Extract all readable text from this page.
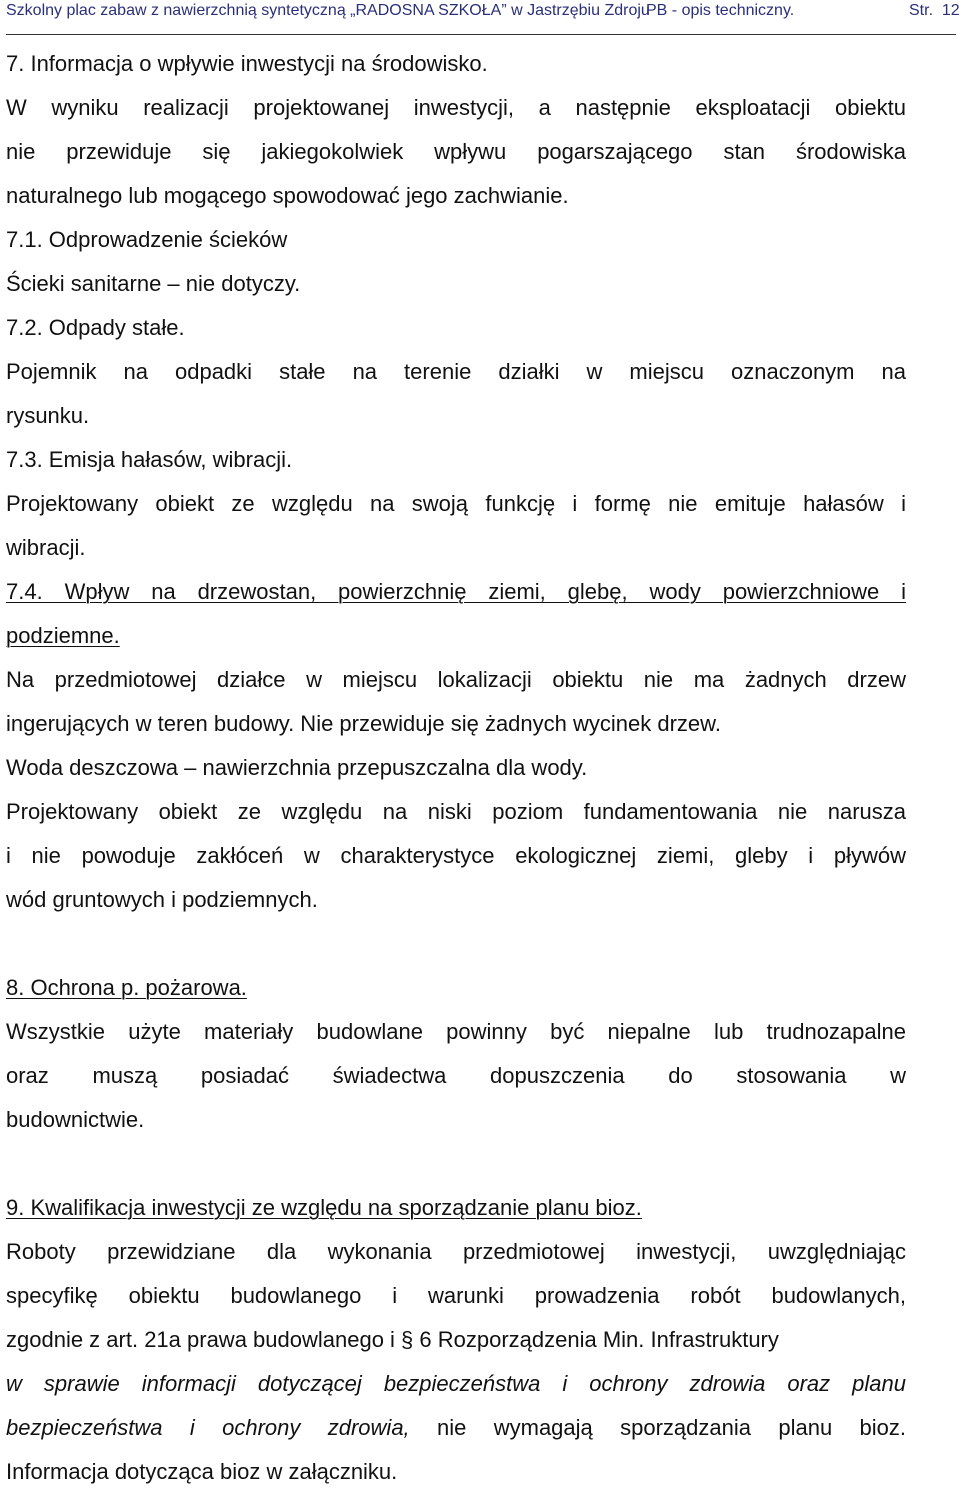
Szkolny plac zabaw z nawierzchnią syntetyczną „RADOSNA SZKOŁA” w Jastrzębiu Zdroju
PB - opis techniczny.	Str. 12

7. Informacja o wpływie inwestycji na środowisko.

W wyniku realizacji projektowanej inwestycji, a następnie eksploatacji obiektu

nie przewiduje się jakiegokolwiek wpływu pogarszającego stan środowiska

naturalnego lub mogącego spowodować jego zachwianie.

7.1. Odprowadzenie ścieków

Ścieki sanitarne – nie dotyczy.

7.2. Odpady stałe.

Pojemnik na odpadki stałe na terenie działki w miejscu oznaczonym na

rysunku.

7.3. Emisja hałasów, wibracji.

Projektowany obiekt ze względu na swoją funkcję i formę nie emituje hałasów i

wibracji.

7.4. Wpływ na drzewostan, powierzchnię ziemi, glebę, wody powierzchniowe i

podziemne.

Na przedmiotowej działce w miejscu lokalizacji obiektu nie ma żadnych drzew

ingerujących w teren budowy. Nie przewiduje się żadnych wycinek drzew.

Woda deszczowa – nawierzchnia przepuszczalna dla wody.

Projektowany obiekt ze względu na niski poziom fundamentowania nie narusza

i nie powoduje zakłóceń w charakterystyce ekologicznej ziemi, gleby i pływów

wód gruntowych i podziemnych.

8. Ochrona p. pożarowa.

Wszystkie użyte materiały budowlane powinny być niepalne lub trudnozapalne

oraz muszą posiadać świadectwa dopuszczenia do stosowania w

budownictwie.

9. Kwalifikacja inwestycji ze względu na sporządzanie planu bioz.

Roboty przewidziane dla wykonania przedmiotowej inwestycji, uwzględniając

specyfikę obiektu budowlanego i warunki prowadzenia robót budowlanych,

zgodnie z art. 21a prawa budowlanego i § 6 Rozporządzenia Min. Infrastruktury

w sprawie informacji dotyczącej bezpieczeństwa i ochrony zdrowia oraz planu

bezpieczeństwa i ochrony zdrowia, nie wymagają sporządzania planu bioz.

Informacja dotycząca bioz w załączniku.
